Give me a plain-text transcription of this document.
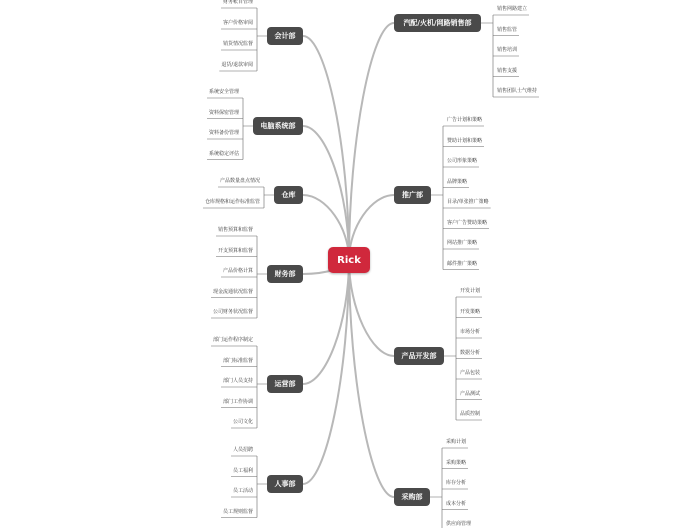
Rick
会计部
财务帐目管理
客户价格审阅
销货情况监督
退货/退款审阅
电脑系统部
系统安全管理
资料保密管理
资料备份管理
系统稳定评估
仓库
产品数量盘点情况
仓库规格和运作标准监管
财务部
销售预算和监督
开支预算和监督
产品价格计算
现金流通状况监督
公司财务状况监督
运营部
部门运作程序制定
部门标准监督
部门人员支持
部门工作协调
公司文化
人事部
人员招聘
员工福利
员工活动
员工规则监督
汽配/火机/网路销售部
销售网路建立
销售监管
销售培训
销售支援
销售团队士气维持
推广部
广告计划和策略
赞助计划和策略
公司形象策略
品牌策略
目录/单张推广策略
客户广告赞助策略
网站推广策略
邮件推广策略
产品开发部
开发计划
开发策略
市场分析
数据分析
产品包装
产品测试
品质控制
采购部
采购计划
采购策略
库存分析
成本分析
供应商管理
